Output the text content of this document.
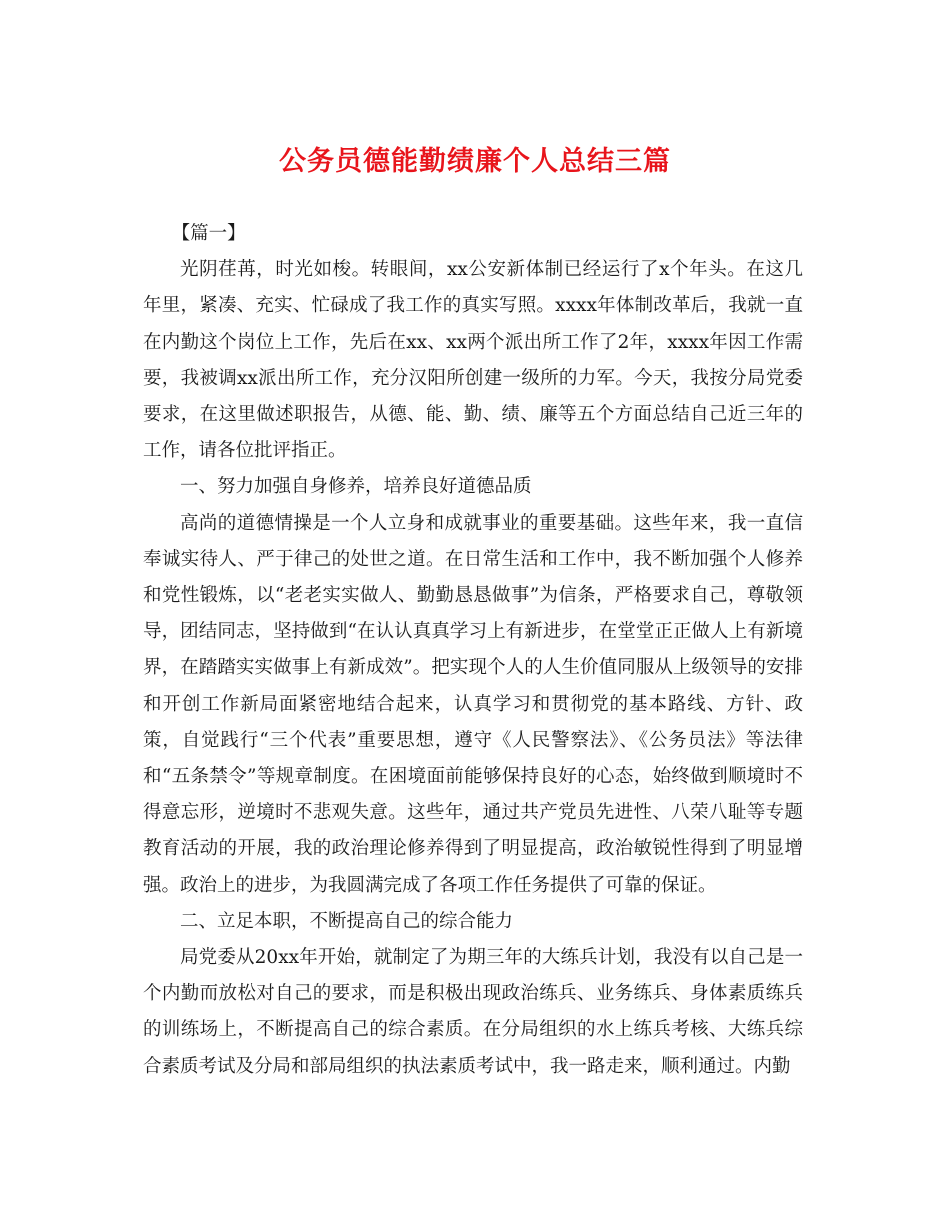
公务员德能勤绩廉个人总结三篇

【篇一】

光阴荏苒，时光如梭。转眼间，xx公安新体制已经运行了x个年头。在这几年里，紧凑、充实、忙碌成了我工作的真实写照。xxxx年体制改革后，我就一直在内勤这个岗位上工作，先后在xx、xx两个派出所工作了2年，xxxx年因工作需要，我被调xx派出所工作，充分汉阳所创建一级所的力军。今天，我按分局党委要求，在这里做述职报告，从德、能、勤、绩、廉等五个方面总结自己近三年的工作，请各位批评指正。

一、努力加强自身修养，培养良好道德品质

高尚的道德情操是一个人立身和成就事业的重要基础。这些年来，我一直信奉诚实待人、严于律己的处世之道。在日常生活和工作中，我不断加强个人修养和党性锻炼，以“老老实实做人、勤勤恳恳做事”为信条，严格要求自己，尊敬领导，团结同志，坚持做到“在认认真真学习上有新进步，在堂堂正正做人上有新境界，在踏踏实实做事上有新成效”。把实现个人的人生价值同服从上级领导的安排和开创工作新局面紧密地结合起来，认真学习和贯彻党的基本路线、方针、政策，自觉践行“三个代表”重要思想，遵守《人民警察法》、《公务员法》等法律和“五条禁令”等规章制度。在困境面前能够保持良好的心态，始终做到顺境时不得意忘形，逆境时不悲观失意。这些年，通过共产党员先进性、八荣八耻等专题教育活动的开展，我的政治理论修养得到了明显提高，政治敏锐性得到了明显增强。政治上的进步，为我圆满完成了各项工作任务提供了可靠的保证。

二、立足本职，不断提高自己的综合能力

局党委从20xx年开始，就制定了为期三年的大练兵计划，我没有以自己是一个内勤而放松对自己的要求，而是积极出现政治练兵、业务练兵、身体素质练兵的训练场上，不断提高自己的综合素质。在分局组织的水上练兵考核、大练兵综合素质考试及分局和部局组织的执法素质考试中，我一路走来，顺利通过。内勤
